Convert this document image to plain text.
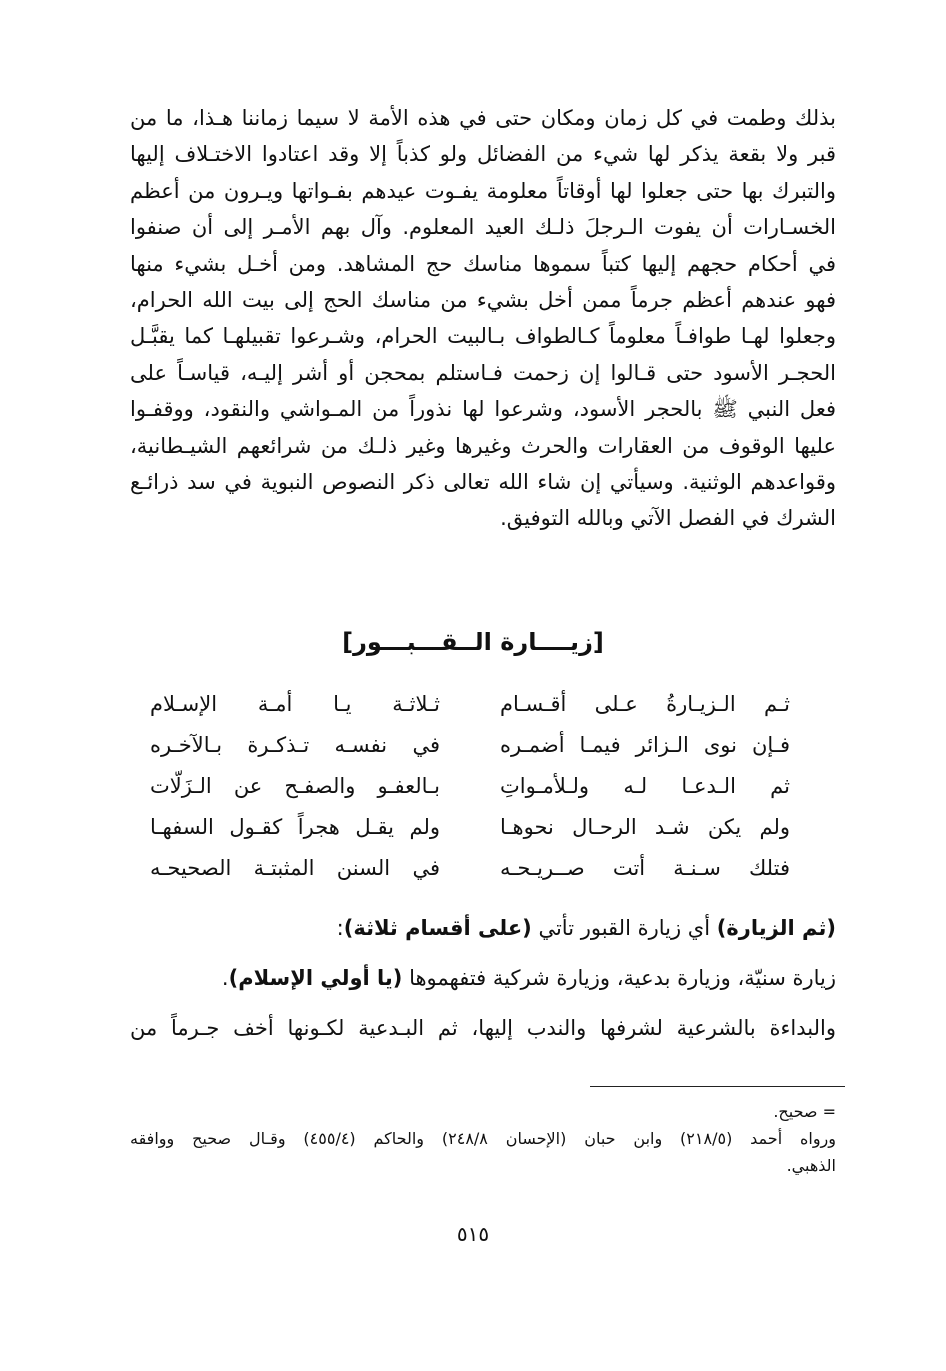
بذلك وطمت في كل زمان ومكان حتى في هذه الأمة لا سيما زماننا هـذا، ما من
قبر ولا بقعة يذكر لها شيء من الفضائل ولو كذباً إلا وقد اعتادوا الاختـلاف إليها
والتبرك بها حتى جعلوا لها أوقاتاً معلومة يفـوت عيدهم بفـواتها ويـرون من أعظم
الخسـارات أن يفوت الـرجلَ ذلـك العيد المعلوم. وآل بهم الأمـر إلى أن صنفوا
في أحكام حجهم إليها كتباً سموها مناسك حج المشاهد. ومن أخـل بشيء منها
فهو عندهم أعظم جرماً ممن أخل بشيء من مناسك الحج إلى بيت الله الحرام،
وجعلوا لهـا طوافـاً معلوماً كـالطواف بـالبيت الحرام، وشـرعوا تقبيلهـا كما يقبَّـل
الحجـر الأسود حتى قـالوا إن زحمت فـاستلم بمحجن أو أشر إليـه، قياسـاً على
فعل النبي ﷺ بالحجر الأسود، وشرعوا لها نذوراً من المـواشي والنقود، ووقفـوا
عليها الوقوف من العقارات والحرث وغيرها وغير ذلـك من شرائعهم الشيـطانية،
وقواعدهم الوثنية. وسيأتي إن شاء الله تعالى ذكر النصوص النبوية في سد ذرائـع
الشرك في الفصل الآتي وبالله التوفيق.
[زيــــارة الــقـــبـــور]
ثـم الـزيـارةُ عـلى أقـسـام
ثـلاثـة يـا أمـة الإسـلام
فـإن نوى الـزائر فيمـا أضمـره
في نفسـه تـذكـرة بـالآخـره
ثم الـدعـا لـه ولـلأمـواتِ
بـالعفـو والصفـح عن الـزَلّات
ولم يكن شـد الرحـال نحوهـا
ولم يقـل هجراً كقـول السفهـا
فتلك سـنـة أتت صــريـحـه
في السنن المثبتـة الصحيحـه
(ثم الزيارة) أي زيارة القبور تأتي (على أقسام ثلاثة):
زيارة سنيّة، وزيارة بدعية، وزيارة شركية فتفهموها (يا أولي الإسلام).
والبداءة بالشرعية لشرفها والندب إليها، ثم البـدعية لكـونها أخف جـرماً من
= صحيح.
ورواه أحمد (٢١٨/٥) وابن حبان (الإحسان ٢٤٨/٨) والحاكم (٤٥٥/٤) وقـال صحيح ووافقه
الذهبي.
٥١٥
